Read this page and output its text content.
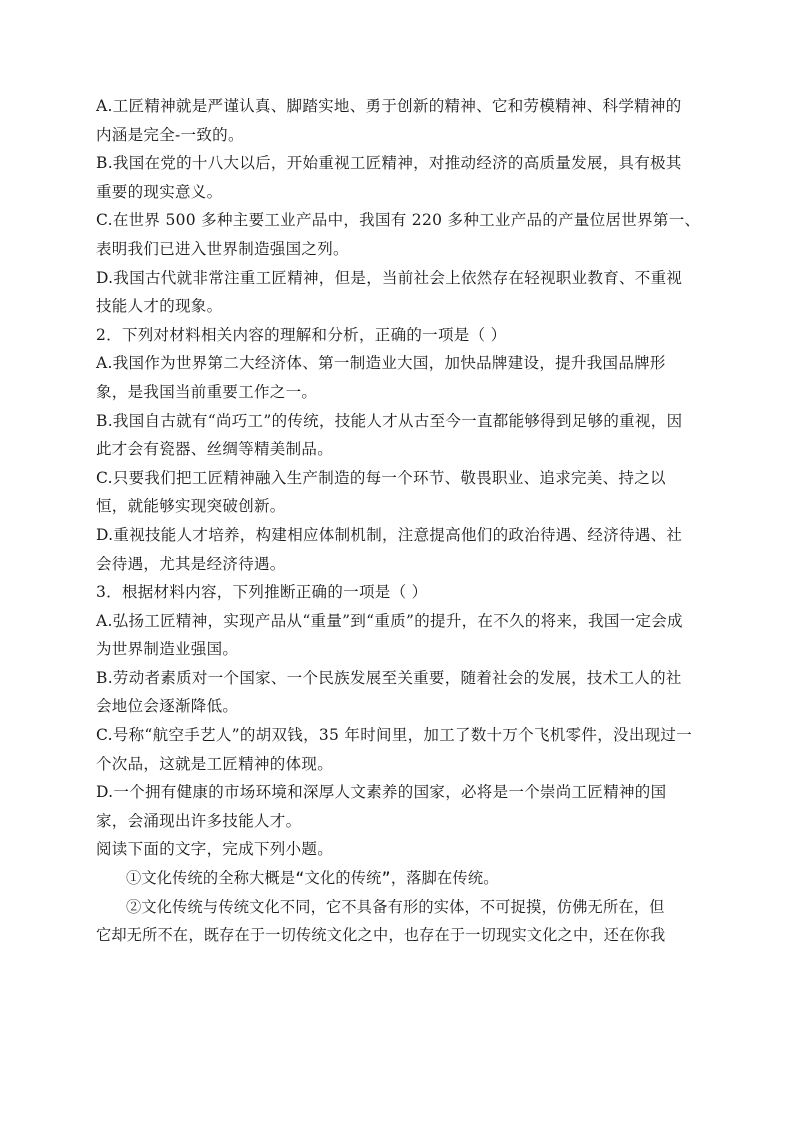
A.工匠精神就是严谨认真、脚踏实地、勇于创新的精神、它和劳模精神、科学精神的
内涵是完全-一致的。
B.我国在党的十八大以后，开始重视工匠精神，对推动经济的高质量发展，具有极其
重要的现实意义。
C.在世界 500 多种主要工业产品中，我国有 220 多种工业产品的产量位居世界第一、
表明我们已进入世界制造强国之列。
D.我国古代就非常注重工匠精神，但是，当前社会上依然存在轻视职业教育、不重视
技能人才的现象。
2．下列对材料相关内容的理解和分析，正确的一项是（ ）
A.我国作为世界第二大经济体、第一制造业大国，加快品牌建设，提升我国品牌形
象，是我国当前重要工作之一。
B.我国自古就有“尚巧工”的传统，技能人才从古至今一直都能够得到足够的重视，因
此才会有瓷器、丝绸等精美制品。
C.只要我们把工匠精神融入生产制造的每一个环节、敬畏职业、追求完美、持之以
恒，就能够实现突破创新。
D.重视技能人才培养，构建相应体制机制，注意提高他们的政治待遇、经济待遇、社
会待遇，尤其是经济待遇。
3．根据材料内容，下列推断正确的一项是（ ）
A.弘扬工匠精神，实现产品从“重量”到“重质”的提升，在不久的将来，我国一定会成
为世界制造业强国。
B.劳动者素质对一个国家、一个民族发展至关重要，随着社会的发展，技术工人的社
会地位会逐渐降低。
C.号称“航空手艺人”的胡双钱，35 年时间里，加工了数十万个飞机零件，没出现过一
个次品，这就是工匠精神的体现。
D.一个拥有健康的市场环境和深厚人文素养的国家，必将是一个崇尚工匠精神的国
家，会涌现出许多技能人才。
阅读下面的文字，完成下列小题。
①文化传统的全称大概是“文化的传统”，落脚在传统。
②文化传统与传统文化不同，它不具备有形的实体，不可捉摸，仿佛无所在，但
它却无所不在，既存在于一切传统文化之中，也存在于一切现实文化之中，还在你我
